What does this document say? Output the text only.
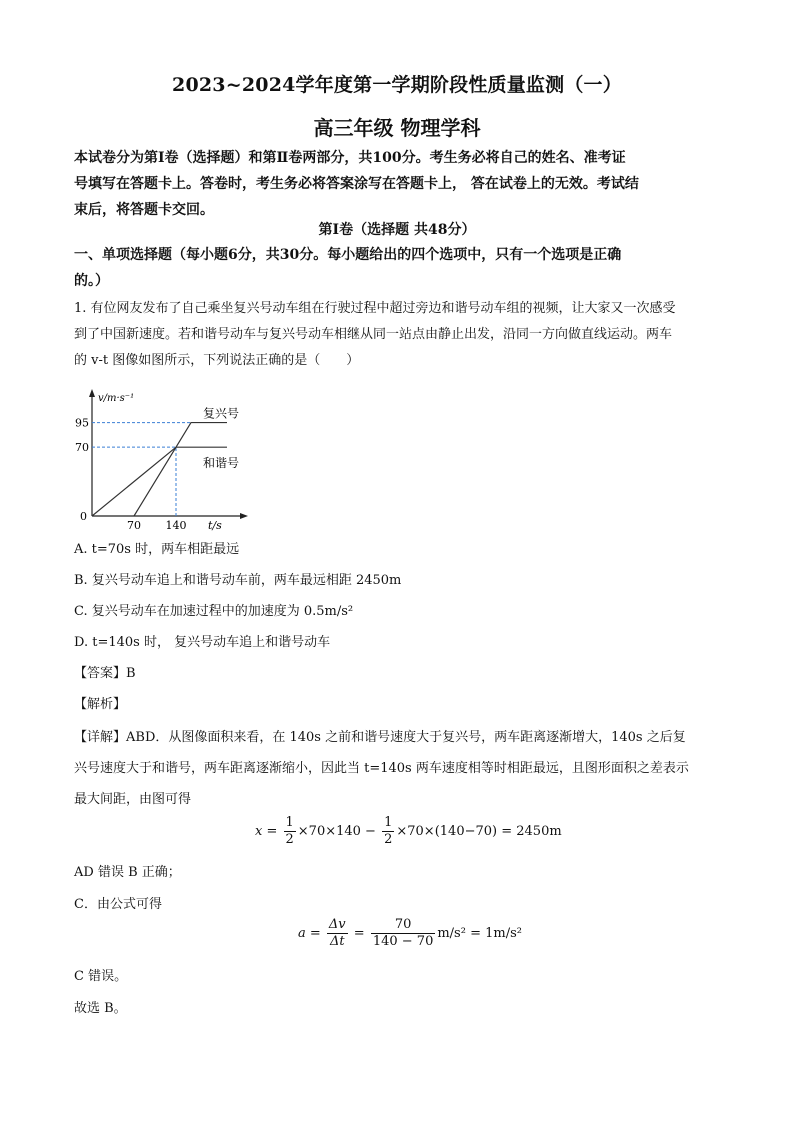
2023~2024学年度第一学期阶段性质量监测（一）
高三年级 物理学科
本试卷分为第Ⅰ卷（选择题）和第Ⅱ卷两部分，共100分。考生务必将自己的姓名、准考证
号填写在答题卡上。答卷时，考生务必将答案涂写在答题卡上， 答在试卷上的无效。考试结
束后，将答题卡交回。
第Ⅰ卷（选择题 共48分）
一、单项选择题（每小题6分，共30分。每小题给出的四个选项中，只有一个选项是正确
的。）
1. 有位网友发布了自己乘坐复兴号动车组在行驶过程中超过旁边和谐号动车组的视频，让大家又一次感受
到了中国新速度。若和谐号动车与复兴号动车相继从同一站点由静止出发，沿同一方向做直线运动。两车
的 v-t 图像如图所示，下列说法正确的是（　　）
v/m·s⁻¹
t/s
0
70 140
70
95
复兴号
和谐号
A. t=70s 时，两车相距最远
B. 复兴号动车追上和谐号动车前，两车最远相距 2450m
C. 复兴号动车在加速过程中的加速度为 0.5m/s²
D. t=140s 时， 复兴号动车追上和谐号动车
【答案】B
【解析】
【详解】ABD．从图像面积来看，在 140s 之前和谐号速度大于复兴号，两车距离逐渐增大，140s 之后复
兴号速度大于和谐号，两车距离逐渐缩小，因此当 t=140s 两车速度相等时相距最远，且图形面积之差表示
最大间距，由图可得
$x = \frac{1}{2} \times 70\times 140 - \frac{1}{2} \times 70\times(140-70) = 2450m$
AD 错误 B 正确；
C．由公式可得
$a = \frac{\Delta v}{\Delta t} = \frac{70}{140 - 70} m/s^2 = 1m/s^2$
C 错误。
故选 B。
